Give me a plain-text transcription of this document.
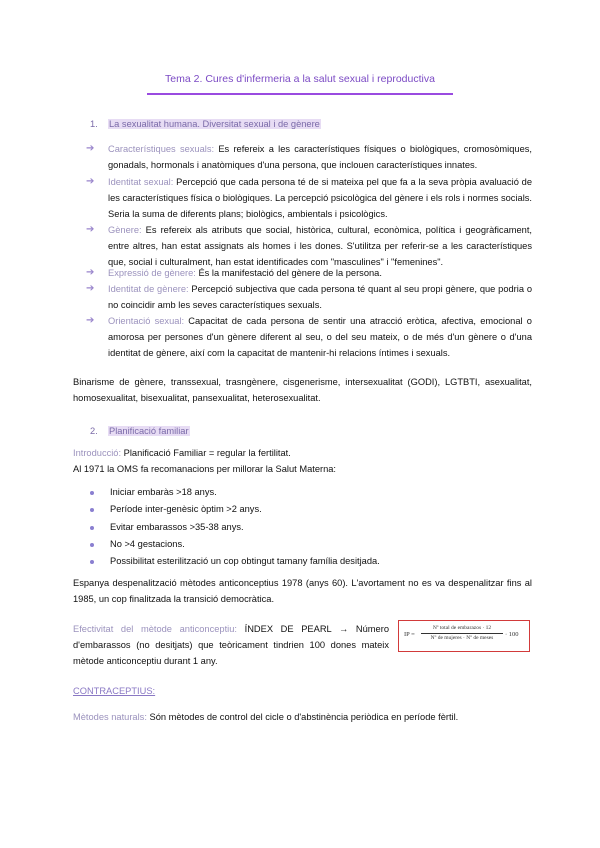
Tema 2. Cures d'infermeria a la salut sexual i reproductiva
1. La sexualitat humana. Diversitat sexual i de gènere
➔ Característiques sexuals: Es refereix a les característiques físiques o biològiques, cromosòmiques, gonadals, hormonals i anatòmiques d'una persona, que inclouen característiques innates.
➔ Identitat sexual: Percepció que cada persona té de si mateixa pel que fa a la seva pròpia avaluació de les característiques física o biològiques. La percepció psicològica del gènere i els rols i normes socials. Seria la suma de diferents plans; biològics, ambientals i psicològics.
➔ Gènere: Es refereix als atributs que social, històrica, cultural, econòmica, política i geogràficament, entre altres, han estat assignats als homes i les dones. S'utilitza per referir-se a les característiques que, social i culturalment, han estat identificades com "masculines" i "femenines".
➔ Expressió de gènere: És la manifestació del gènere de la persona.
➔ Identitat de gènere: Percepció subjectiva que cada persona té quant al seu propi gènere, que podria o no coincidir amb les seves característiques sexuals.
➔ Orientació sexual: Capacitat de cada persona de sentir una atracció eròtica, afectiva, emocional o amorosa per persones d'un gènere diferent al seu, o del seu mateix, o de més d'un gènere o d'una identitat de gènere, així com la capacitat de mantenir-hi relacions íntimes i sexuals.
Binarisme de gènere, transsexual, trasngènere, cisgenerisme, intersexualitat (GODI), LGTBTI, asexualitat, homosexualitat, bisexualitat, pansexualitat, heterosexualitat.
2. Planificació familiar
Introducció: Planificació Familiar = regular la fertilitat.
Al 1971 la OMS fa recomanacions per millorar la Salut Materna:
Iniciar embaràs >18 anys.
Període inter-genèsic òptim >2 anys.
Evitar embarassos >35-38 anys.
No >4 gestacions.
Possibilitat esterilització un cop obtingut tamany família desitjada.
Espanya despenalització mètodes anticonceptius 1978 (anys 60). L'avortament no es va despenalitzar fins al 1985, un cop finalitzada la transició democràtica.
Efectivitat del mètode anticonceptiu: ÍNDEX DE PEARL → Número d'embarassos (no desitjats) que teòricament tindrien 100 dones mateix mètode anticonceptiu durant 1 any.
IP =
Nº total de embarazos · 12
Nº de mujeres · Nº de meses	· 100
CONTRACEPTIUS:
Mètodes naturals: Són mètodes de control del cicle o d'abstinència periòdica en període fèrtil.
